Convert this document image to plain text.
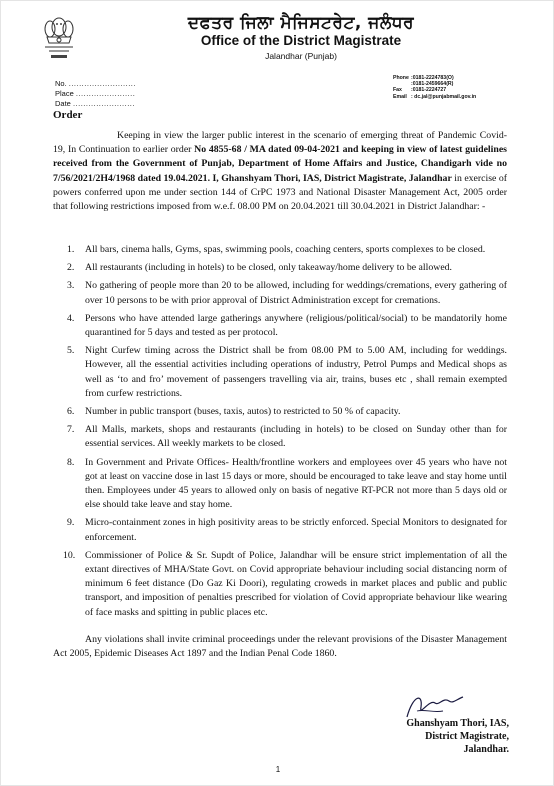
ਦਫਤਰ ਜਿਲਾ ਮੈਜਿਸਟਰੇਟ, ਜਲੰਧਰ
Office of the District Magistrate
Jalandhar (Punjab)
No. ..........................
Place .......................
Date ........................
Phone :0181-2224783(O)
:0181-2459664(R)
Fax	:0181-2224727
Email : dc.jal@punjabmail.gov.in
Order

Keeping in view the larger public interest in the scenario of emerging threat of Pandemic Covid-19, In Continuation to earlier order No 4855-68 / MA dated 09-04-2021 and keeping in view of latest guidelines received from the Government of Punjab, Department of Home Affairs and Justice, Chandigarh vide no 7/56/2021/2H4/1968 dated 19.04.2021. I, Ghanshyam Thori, IAS, District Magistrate, Jalandhar in exercise of powers conferred upon me under section 144 of CrPC 1973 and National Disaster Management Act, 2005 order that following restrictions imposed from w.e.f. 08.00 PM on 20.04.2021 till 30.04.2021 in District Jalandhar: -

1. All bars, cinema halls, Gyms, spas, swimming pools, coaching centers, sports complexes to be closed.
2. All restaurants (including in hotels) to be closed, only takeaway/home delivery to be allowed.
3. No gathering of people more than 20 to be allowed, including for weddings/cremations, every gathering of over 10 persons to be with prior approval of District Administration except for cremations.
4. Persons who have attended large gatherings anywhere (religious/political/social) to be mandatorily home quarantined for 5 days and tested as per protocol.
5. Night Curfew timing across the District shall be from 08.00 PM to 5.00 AM, including for weddings. However, all the essential activities including operations of industry, Petrol Pumps and Medical shops as well as ‘to and fro’ movement of passengers travelling via air, trains, buses etc , shall remain exempted from curfew restrictions.
6. Number in public transport (buses, taxis, autos) to restricted to 50 % of capacity.
7. All Malls, markets, shops and restaurants (including in hotels) to be closed on Sunday other than for essential services. All weekly markets to be closed.
8. In Government and Private Offices- Health/frontline workers and employees over 45 years who have not got at least on vaccine dose in last 15 days or more, should be encouraged to take leave and stay home until then. Employees under 45 years to allowed only on basis of negative RT-PCR not more than 5 days old or else should take leave and stay home.
9. Micro-containment zones in high positivity areas to be strictly enforced. Special Monitors to designated for enforcement.
10. Commissioner of Police & Sr. Supdt of Police, Jalandhar will be ensure strict implementation of all the extant directives of MHA/State Govt. on Covid appropriate behaviour including social distancing norm of minimum 6 feet distance (Do Gaz Ki Doori), regulating croweds in market places and public and public transport, and imposition of penalties prescribed for violation of Covid appropriate behaviour like wearing of face masks and spitting in public places etc.

Any violations shall invite criminal proceedings under the relevant provisions of the Disaster Management Act 2005, Epidemic Diseases Act 1897 and the Indian Penal Code 1860.

Ghanshyam Thori, IAS,
District Magistrate,
Jalandhar.
1
